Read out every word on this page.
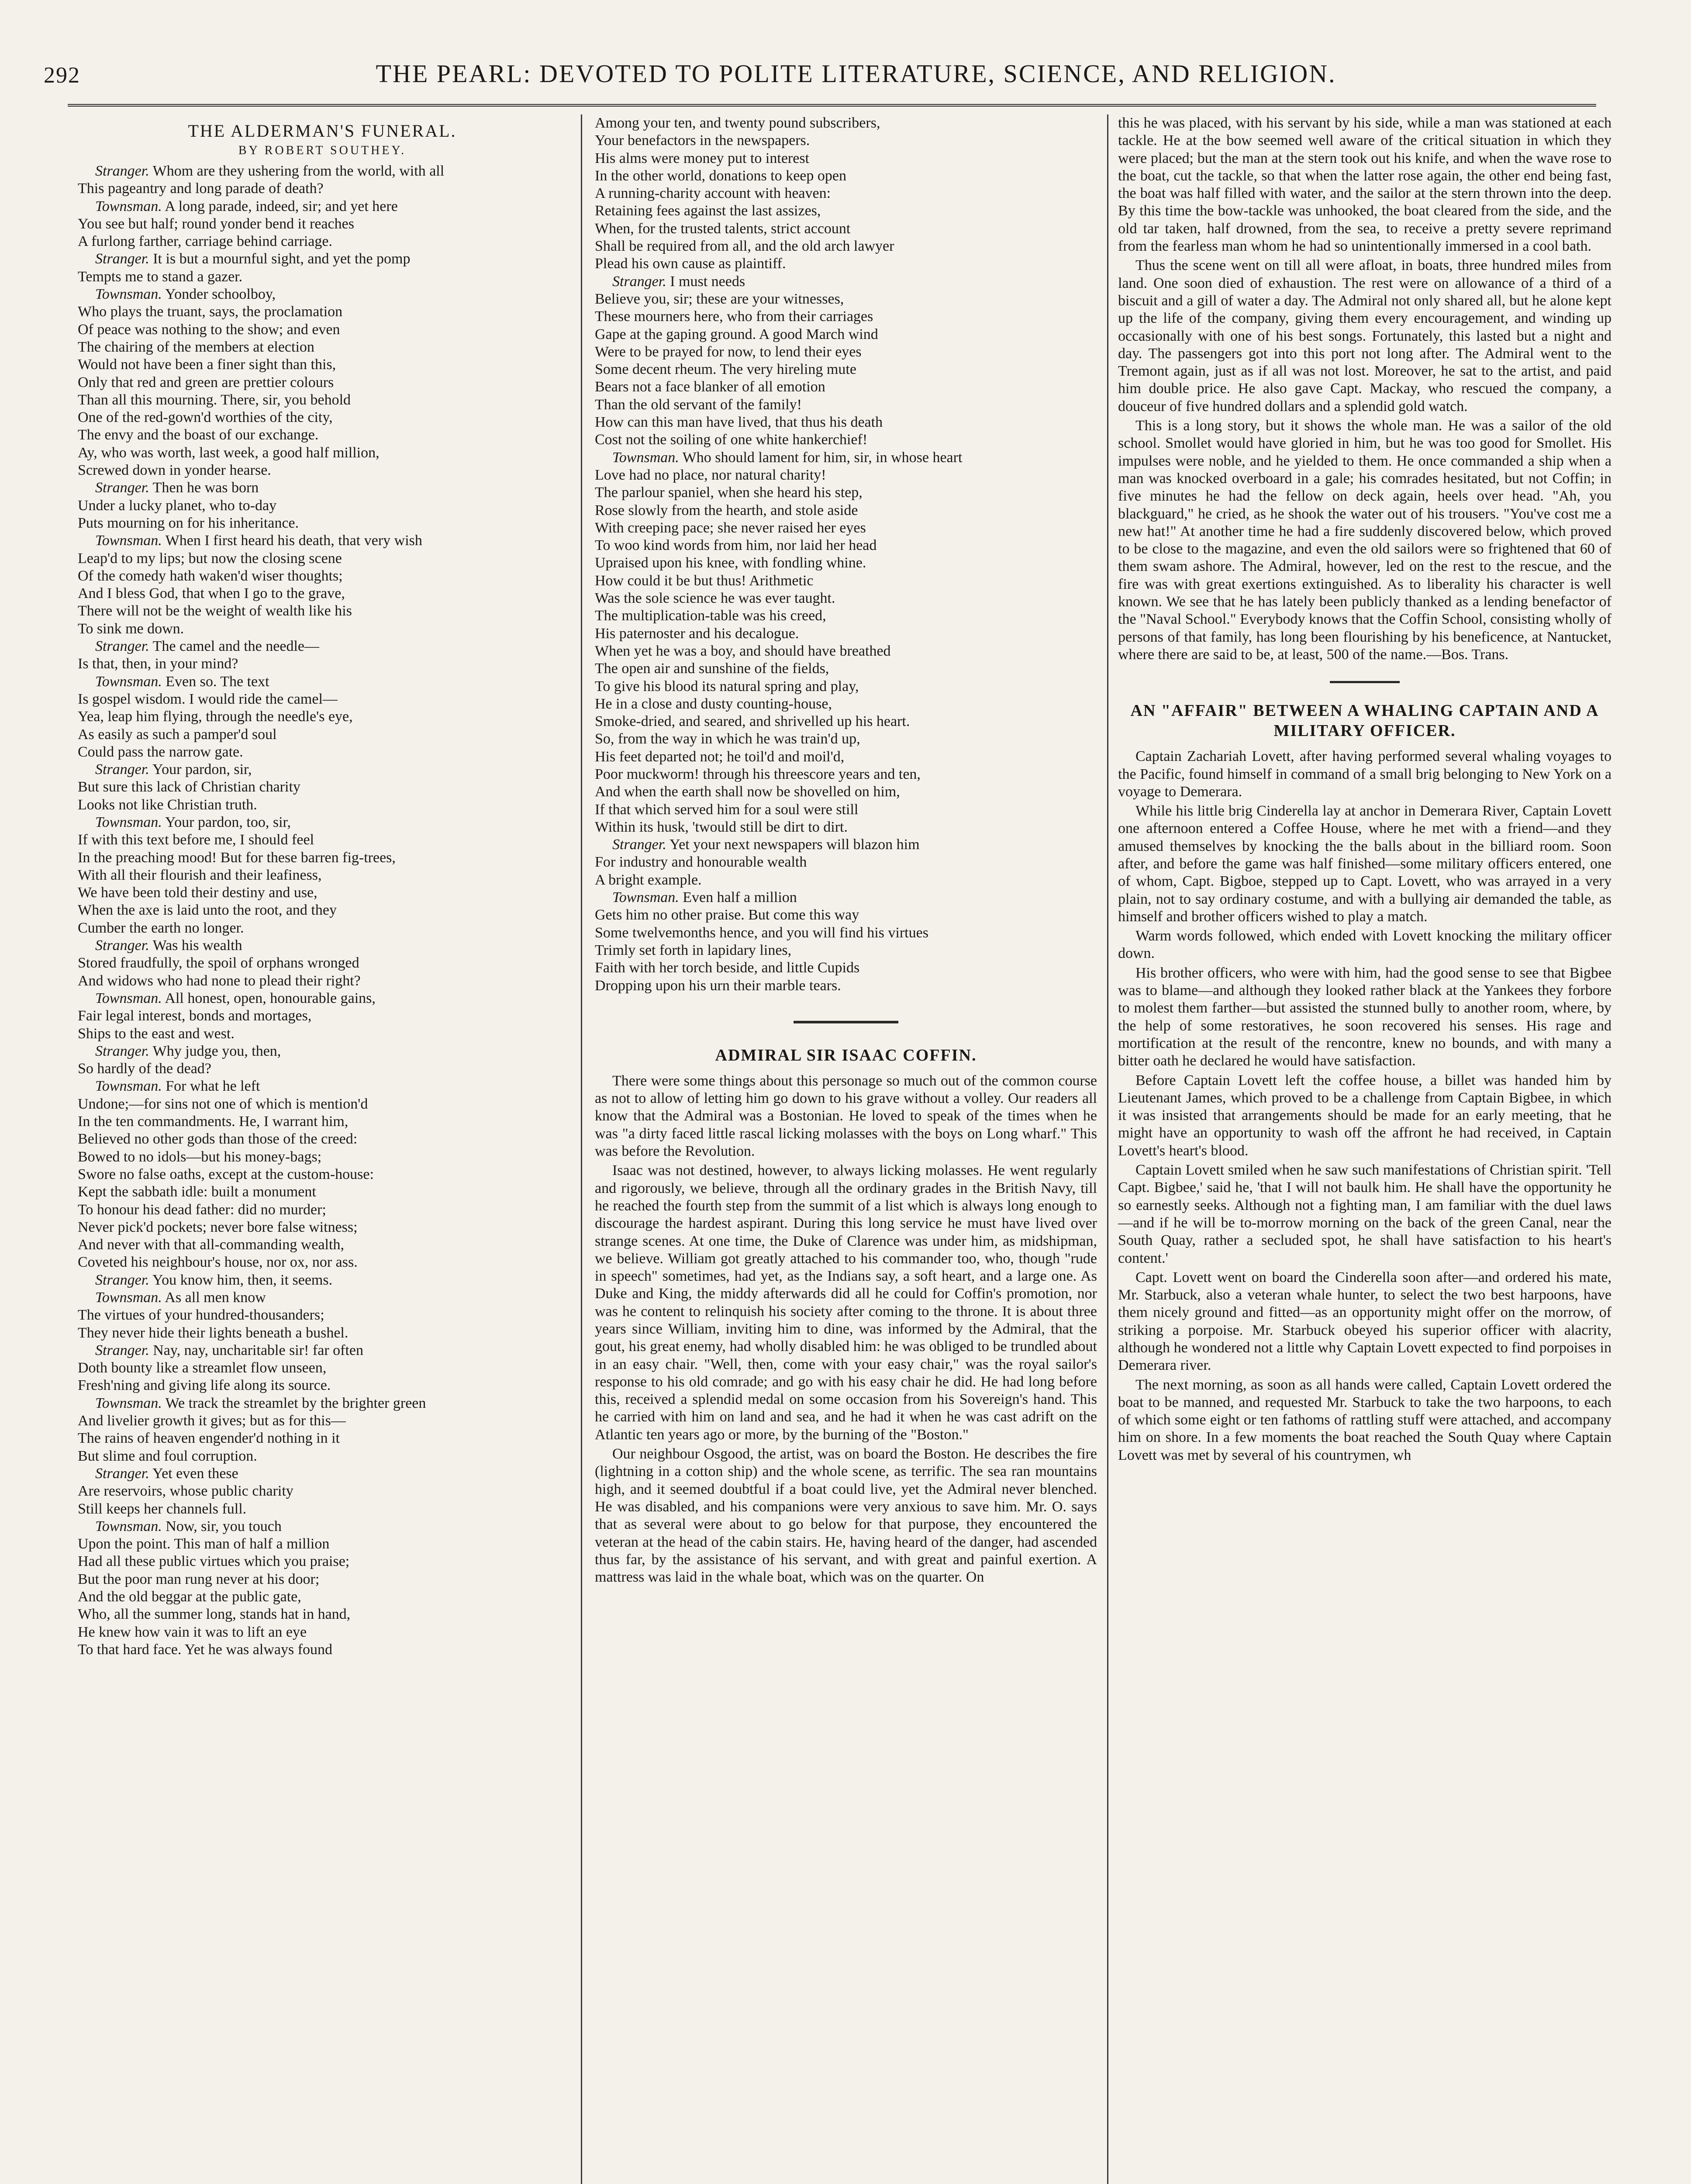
292	THE PEARL: DEVOTED TO POLITE LITERATURE, SCIENCE, AND RELIGION.
THE ALDERMAN'S FUNERAL.
BY ROBERT SOUTHEY.
Stranger. Whom are they ushering from the world, with all
This pageantry and long parade of death?
Townsman. A long parade, indeed, sir; and yet here
You see but half; round yonder bend it reaches
A furlong farther, carriage behind carriage.
Stranger. It is but a mournful sight, and yet the pomp
Tempts me to stand a gazer.
Townsman. Yonder schoolboy,
Who plays the truant, says, the proclamation
Of peace was nothing to the show; and even
The chairing of the members at election
Would not have been a finer sight than this,
Only that red and green are prettier colours
Than all this mourning. There, sir, you behold
One of the red-gown'd worthies of the city,
The envy and the boast of our exchange.
Ay, who was worth, last week, a good half million,
Screwed down in yonder hearse.
Stranger. Then he was born
Under a lucky planet, who to-day
Puts mourning on for his inheritance.
Townsman. When I first heard his death, that very wish
Leap'd to my lips; but now the closing scene
Of the comedy hath waken'd wiser thoughts;
And I bless God, that when I go to the grave,
There will not be the weight of wealth like his
To sink me down.
Stranger. The camel and the needle—
Is that, then, in your mind?
Townsman. Even so. The text
Is gospel wisdom. I would ride the camel—
Yea, leap him flying, through the needle's eye,
As easily as such a pamper'd soul
Could pass the narrow gate.
Stranger. Your pardon, sir,
But sure this lack of Christian charity
Looks not like Christian truth.
Townsman. Your pardon, too, sir,
If with this text before me, I should feel
In the preaching mood! But for these barren fig-trees,
With all their flourish and their leafiness,
We have been told their destiny and use,
When the axe is laid unto the root, and they
Cumber the earth no longer.
Stranger. Was his wealth
Stored fraudfully, the spoil of orphans wronged
And widows who had none to plead their right?
Townsman. All honest, open, honourable gains,
Fair legal interest, bonds and mortages,
Ships to the east and west.
Stranger. Why judge you, then,
So hardly of the dead?
Townsman. For what he left
Undone;—for sins not one of which is mention'd
In the ten commandments. He, I warrant him,
Believed no other gods than those of the creed:
Bowed to no idols—but his money-bags;
Swore no false oaths, except at the custom-house:
Kept the sabbath idle: built a monument
To honour his dead father: did no murder;
Never pick'd pockets; never bore false witness;
And never with that all-commanding wealth,
Coveted his neighbour's house, nor ox, nor ass.
Stranger. You know him, then, it seems.
Townsman. As all men know
The virtues of your hundred-thousanders;
They never hide their lights beneath a bushel.
Stranger. Nay, nay, uncharitable sir! far often
Doth bounty like a streamlet flow unseen,
Fresh'ning and giving life along its source.
Townsman. We track the streamlet by the brighter green
And livelier growth it gives; but as for this—
The rains of heaven engender'd nothing in it
But slime and foul corruption.
Stranger. Yet even these
Are reservoirs, whose public charity
Still keeps her channels full.
Townsman. Now, sir, you touch
Upon the point. This man of half a million
Had all these public virtues which you praise;
But the poor man rung never at his door;
And the old beggar at the public gate,
Who, all the summer long, stands hat in hand,
He knew how vain it was to lift an eye
To that hard face. Yet he was always found
Among your ten, and twenty pound subscribers,
Your benefactors in the newspapers.
His alms were money put to interest
In the other world, donations to keep open
A running-charity account with heaven:
Retaining fees against the last assizes,
When, for the trusted talents, strict account
Shall be required from all, and the old arch lawyer
Plead his own cause as plaintiff.
Stranger. I must needs
Believe you, sir; these are your witnesses,
These mourners here, who from their carriages
Gape at the gaping ground. A good March wind
Were to be prayed for now, to lend their eyes
Some decent rheum. The very hireling mute
Bears not a face blanker of all emotion
Than the old servant of the family!
How can this man have lived, that thus his death
Cost not the soiling of one white hankerchief!
Townsman. Who should lament for him, sir, in whose heart
Love had no place, nor natural charity!
The parlour spaniel, when she heard his step,
Rose slowly from the hearth, and stole aside
With creeping pace; she never raised her eyes
To woo kind words from him, nor laid her head
Upraised upon his knee, with fondling whine.
How could it be but thus! Arithmetic
Was the sole science he was ever taught.
The multiplication-table was his creed,
His paternoster and his decalogue.
When yet he was a boy, and should have breathed
The open air and sunshine of the fields,
To give his blood its natural spring and play,
He in a close and dusty counting-house,
Smoke-dried, and seared, and shrivelled up his heart.
So, from the way in which he was train'd up,
His feet departed not; he toil'd and moil'd,
Poor muckworm! through his threescore years and ten,
And when the earth shall now be shovelled on him,
If that which served him for a soul were still
Within its husk, 'twould still be dirt to dirt.
Stranger. Yet your next newspapers will blazon him
For industry and honourable wealth
A bright example.
Townsman. Even half a million
Gets him no other praise. But come this way
Some twelvemonths hence, and you will find his virtues
Trimly set forth in lapidary lines,
Faith with her torch beside, and little Cupids
Dropping upon his urn their marble tears.
ADMIRAL SIR ISAAC COFFIN.

There were some things about this personage so much out of the common course as not to allow of letting him go down to his grave without a volley. Our readers all know that the Admiral was a Bostonian. He loved to speak of the times when he was "a dirty faced little rascal licking molasses with the boys on Long wharf." This was before the Revolution.

Isaac was not destined, however, to always licking molasses. He went regularly and rigorously, we believe, through all the ordinary grades in the British Navy, till he reached the fourth step from the summit of a list which is always long enough to discourage the hardest aspirant. During this long service he must have lived over strange scenes. At one time, the Duke of Clarence was under him, as midshipman, we believe. William got greatly attached to his commander too, who, though "rude in speech" sometimes, had yet, as the Indians say, a soft heart, and a large one. As Duke and King, the middy afterwards did all he could for Coffin's promotion, nor was he content to relinquish his society after coming to the throne. It is about three years since William, inviting him to dine, was informed by the Admiral, that the gout, his great enemy, had wholly disabled him: he was obliged to be trundled about in an easy chair. "Well, then, come with your easy chair," was the royal sailor's response to his old comrade; and go with his easy chair he did. He had long before this, received a splendid medal on some occasion from his Sovereign's hand. This he carried with him on land and sea, and he had it when he was cast adrift on the Atlantic ten years ago or more, by the burning of the "Boston."

Our neighbour Osgood, the artist, was on board the Boston. He describes the fire (lightning in a cotton ship) and the whole scene, as terrific. The sea ran mountains high, and it seemed doubtful if a boat could live, yet the Admiral never blenched. He was disabled, and his companions were very anxious to save him. Mr. O. says that as several were about to go below for that purpose, they encountered the veteran at the head of the cabin stairs. He, having heard of the danger, had ascended thus far, by the assistance of his servant, and with great and painful exertion. A mattress was laid in the whale boat, which was on the quarter. On

this he was placed, with his servant by his side, while a man was stationed at each tackle. He at the bow seemed well aware of the critical situation in which they were placed; but the man at the stern took out his knife, and when the wave rose to the boat, cut the tackle, so that when the latter rose again, the other end being fast, the boat was half filled with water, and the sailor at the stern thrown into the deep. By this time the bow-tackle was unhooked, the boat cleared from the side, and the old tar taken, half drowned, from the sea, to receive a pretty severe reprimand from the fearless man whom he had so unintentionally immersed in a cool bath.

Thus the scene went on till all were afloat, in boats, three hundred miles from land. One soon died of exhaustion. The rest were on allowance of a third of a biscuit and a gill of water a day. The Admiral not only shared all, but he alone kept up the life of the company, giving them every encouragement, and winding up occasionally with one of his best songs. Fortunately, this lasted but a night and day. The passengers got into this port not long after. The Admiral went to the Tremont again, just as if all was not lost. Moreover, he sat to the artist, and paid him double price. He also gave Capt. Mackay, who rescued the company, a douceur of five hundred dollars and a splendid gold watch.

This is a long story, but it shows the whole man. He was a sailor of the old school. Smollet would have gloried in him, but he was too good for Smollet. His impulses were noble, and he yielded to them. He once commanded a ship when a man was knocked overboard in a gale; his comrades hesitated, but not Coffin; in five minutes he had the fellow on deck again, heels over head. "Ah, you blackguard," he cried, as he shook the water out of his trousers. "You've cost me a new hat!" At another time he had a fire suddenly discovered below, which proved to be close to the magazine, and even the old sailors were so frightened that 60 of them swam ashore. The Admiral, however, led on the rest to the rescue, and the fire was with great exertions extinguished. As to liberality his character is well known. We see that he has lately been publicly thanked as a lending benefactor of the "Naval School." Everybody knows that the Coffin School, consisting wholly of persons of that family, has long been flourishing by his beneficence, at Nantucket, where there are said to be, at least, 500 of the name.—Bos. Trans.

AN "AFFAIR" BETWEEN A WHALING CAPTAIN AND A MILITARY OFFICER.

Captain Zachariah Lovett, after having performed several whaling voyages to the Pacific, found himself in command of a small brig belonging to New York on a voyage to Demerara.

While his little brig Cinderella lay at anchor in Demerara River, Captain Lovett one afternoon entered a Coffee House, where he met with a friend—and they amused themselves by knocking the the balls about in the billiard room. Soon after, and before the game was half finished—some military officers entered, one of whom, Capt. Bigboe, stepped up to Capt. Lovett, who was arrayed in a very plain, not to say ordinary costume, and with a bullying air demanded the table, as himself and brother officers wished to play a match.

Warm words followed, which ended with Lovett knocking the military officer down.

His brother officers, who were with him, had the good sense to see that Bigbee was to blame—and although they looked rather black at the Yankees they forbore to molest them farther—but assisted the stunned bully to another room, where, by the help of some restoratives, he soon recovered his senses. His rage and mortification at the result of the rencontre, knew no bounds, and with many a bitter oath he declared he would have satisfaction.

Before Captain Lovett left the coffee house, a billet was handed him by Lieutenant James, which proved to be a challenge from Captain Bigbee, in which it was insisted that arrangements should be made for an early meeting, that he might have an opportunity to wash off the affront he had received, in Captain Lovett's heart's blood.

Captain Lovett smiled when he saw such manifestations of Christian spirit. 'Tell Capt. Bigbee,' said he, 'that I will not baulk him. He shall have the opportunity he so earnestly seeks. Although not a fighting man, I am familiar with the duel laws—and if he will be to-morrow morning on the back of the green Canal, near the South Quay, rather a secluded spot, he shall have satisfaction to his heart's content.'

Capt. Lovett went on board the Cinderella soon after—and ordered his mate, Mr. Starbuck, also a veteran whale hunter, to select the two best harpoons, have them nicely ground and fitted—as an opportunity might offer on the morrow, of striking a porpoise. Mr. Starbuck obeyed his superior officer with alacrity, although he wondered not a little why Captain Lovett expected to find porpoises in Demerara river.

The next morning, as soon as all hands were called, Captain Lovett ordered the boat to be manned, and requested Mr. Starbuck to take the two harpoons, to each of which some eight or ten fathoms of rattling stuff were attached, and accompany him on shore. In a few moments the boat reached the South Quay where Captain Lovett was met by several of his countrymen, wh
